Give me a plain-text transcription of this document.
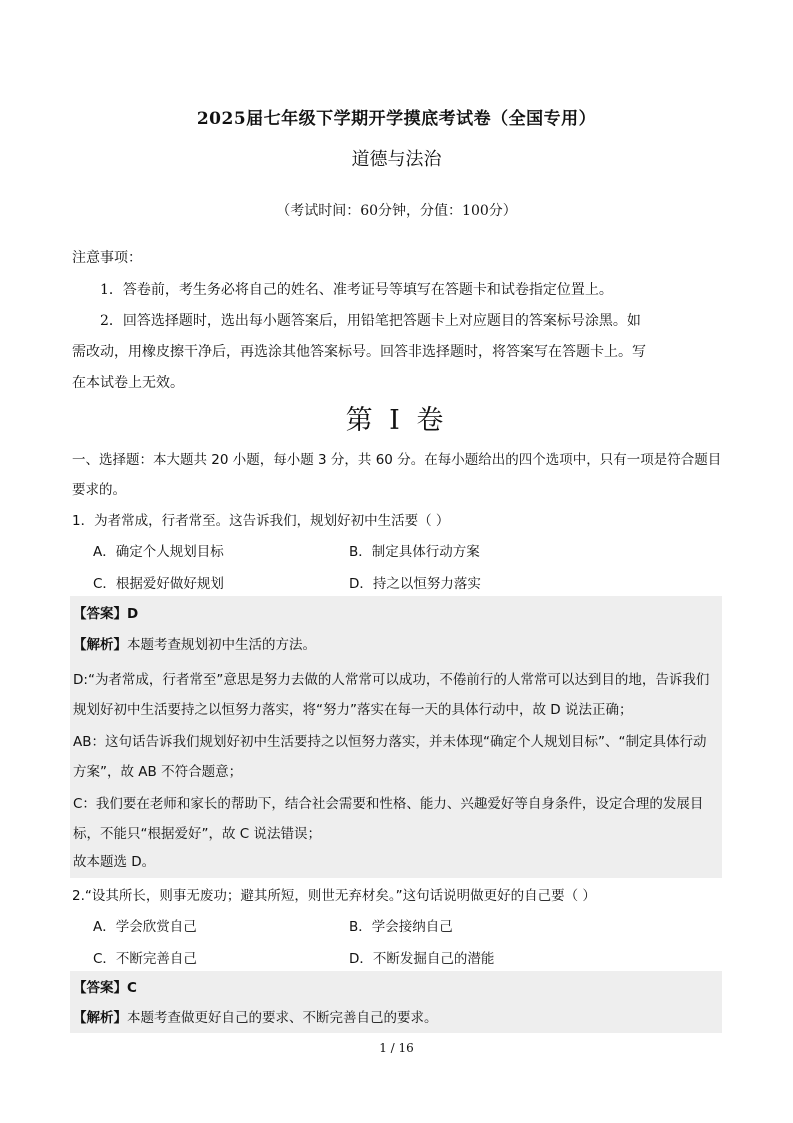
2025届七年级下学期开学摸底考试卷（全国专用）
道德与法治
（考试时间：60分钟，分值：100分）
注意事项：
1．答卷前，考生务必将自己的姓名、准考证号等填写在答题卡和试卷指定位置上。
2．回答选择题时，选出每小题答案后，用铅笔把答题卡上对应题目的答案标号涂黑。如
需改动，用橡皮擦干净后，再选涂其他答案标号。回答非选择题时，将答案写在答题卡上。写
在本试卷上无效。
第 I 卷
一、选择题：本大题共 20 小题，每小题 3 分，共 60 分。在每小题给出的四个选项中，只有一项是符合题目要求的。
1．为者常成，行者常至。这告诉我们，规划好初中生活要（ ）
A．确定个人规划目标	B．制定具体行动方案
C．根据爱好做好规划	D．持之以恒努力落实

【答案】D

【解析】本题考查规划初中生活的方法。

D:“为者常成，行者常至”意思是努力去做的人常常可以成功，不倦前行的人常常可以达到目的地，告诉我们规划好初中生活要持之以恒努力落实，将“努力”落实在每一天的具体行动中，故 D 说法正确；

AB：这句话告诉我们规划好初中生活要持之以恒努力落实，并未体现“确定个人规划目标”、“制定具体行动方案”，故 AB 不符合题意；

C：我们要在老师和家长的帮助下，结合社会需要和性格、能力、兴趣爱好等自身条件，设定合理的发展目标，不能只“根据爱好”，故 C 说法错误；

故本题选 D。

2.“设其所长，则事无废功；避其所短，则世无弃材矣。”这句话说明做更好的自己要（ ）
A．学会欣赏自己	B．学会接纳自己
C．不断完善自己	D．不断发掘自己的潜能

【答案】C

【解析】本题考查做更好自己的要求、不断完善自己的要求。

1 / 16
